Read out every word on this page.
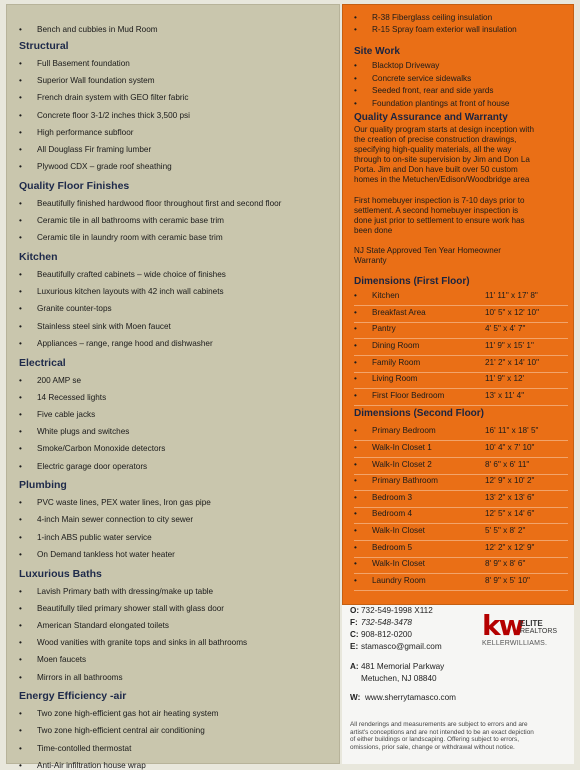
• Bench and cubbies in Mud Room
Structural
• Full Basement foundation
• Superior Wall foundation system
• French drain system with GEO filter fabric
• Concrete floor 3-1/2 inches thick 3,500 psi
• High performance subfloor
• All Douglass Fir framing lumber
• Plywood CDX – grade roof sheathing
Quality Floor Finishes
• Beautifully finished hardwood floor throughout first and second floor
• Ceramic tile in all bathrooms with ceramic base trim
• Ceramic tile in laundry room with ceramic base trim
Kitchen
• Beautifully crafted cabinets – wide choice of finishes
• Luxurious kitchen layouts with 42 inch wall cabinets
• Granite counter-tops
• Stainless steel sink with Moen faucet
• Appliances – range, range hood and dishwasher
Electrical
• 200 AMP se
• 14 Recessed lights
• Five cable jacks
• White plugs and switches
• Smoke/Carbon Monoxide detectors
• Electric garage door operators
Plumbing
• PVC waste lines, PEX water lines, Iron gas pipe
• 4-inch Main sewer connection to city sewer
• 1-inch ABS public water service
• On Demand tankless hot water heater
Luxurious Baths
• Lavish Primary bath with dressing/make up table
• Beautifully tiled primary shower stall with glass door
• American Standard elongated toilets
• Wood vanities with granite tops and sinks in all bathrooms
• Moen faucets
• Mirrors in all bathrooms
Energy Efficiency -air
• Two zone high-efficient gas hot air heating system
• Two zone high-efficient central air conditioning
• Time-contolled thermostat
• Anti-Air infiltration house wrap
• R-38 Fiberglass ceiling insulation
• R-15 Spray foam exterior wall insulation
Site Work
• Blacktop Driveway
• Concrete service sidewalks
• Seeded front, rear and side yards
• Foundation plantings at front of house
Quality Assurance and Warranty
Our quality program starts at design inception with
the creation of precise construction drawings,
specifying high-quality materials, all the way
through to on-site supervision by Jim and Don La
Porta. Jim and Don have built over 50 custom
homes in the Metuchen/Edison/Woodbridge area
First homebuyer inspection is 7-10 days prior to
settlement. A second homebuyer inspection is
done just prior to settlement to ensure work has
been done
NJ State Approved Ten Year Homeowner
Warranty
Dimensions (First Floor)
• Kitchen	11' 11" x 17' 8"
• Breakfast Area	10' 5" x 12' 10"
• Pantry	4' 5" x 4' 7"
• Dining Room	11' 9" x 15' 1"
• Family Room	21' 2" x 14' 10"
• Living Room	11' 9" x 12'
• First Floor Bedroom	13' x 11' 4"
Dimensions (Second Floor)
• Primary Bedroom	16' 11" x 18' 5"
• Walk-In Closet 1	10' 4" x 7' 10"
• Walk-In Closet 2	8' 6" x 6' 11"
• Primary Bathroom	12' 9" x 10' 2"
• Bedroom 3	13' 2" x 13' 6"
• Bedroom 4	12' 5" x 14' 6"
• Walk-In Closet	5' 5" x 8' 2"
• Bedroom 5	12' 2" x 12' 9"
• Walk-In Closet	8' 9" x 8' 6"
• Laundry Room	8' 9" x 5' 10"
O: 732-549-1998 X112
F: 732-548-3478
C: 908-812-0200
E: stamasco@gmail.com
A: 481 Memorial Parkway
Metuchen, NJ 08840
W: www.sherrytamasco.com
kw
ELITE
REALTORS
KELLERWILLIAMS.
All renderings and measurements are subject to errors and are
artist's conceptions and are not intended to be an exact depiction
of either buildings or landscaping. Offering subject to errors,
omissions, prior sale, change or withdrawal without notice.
